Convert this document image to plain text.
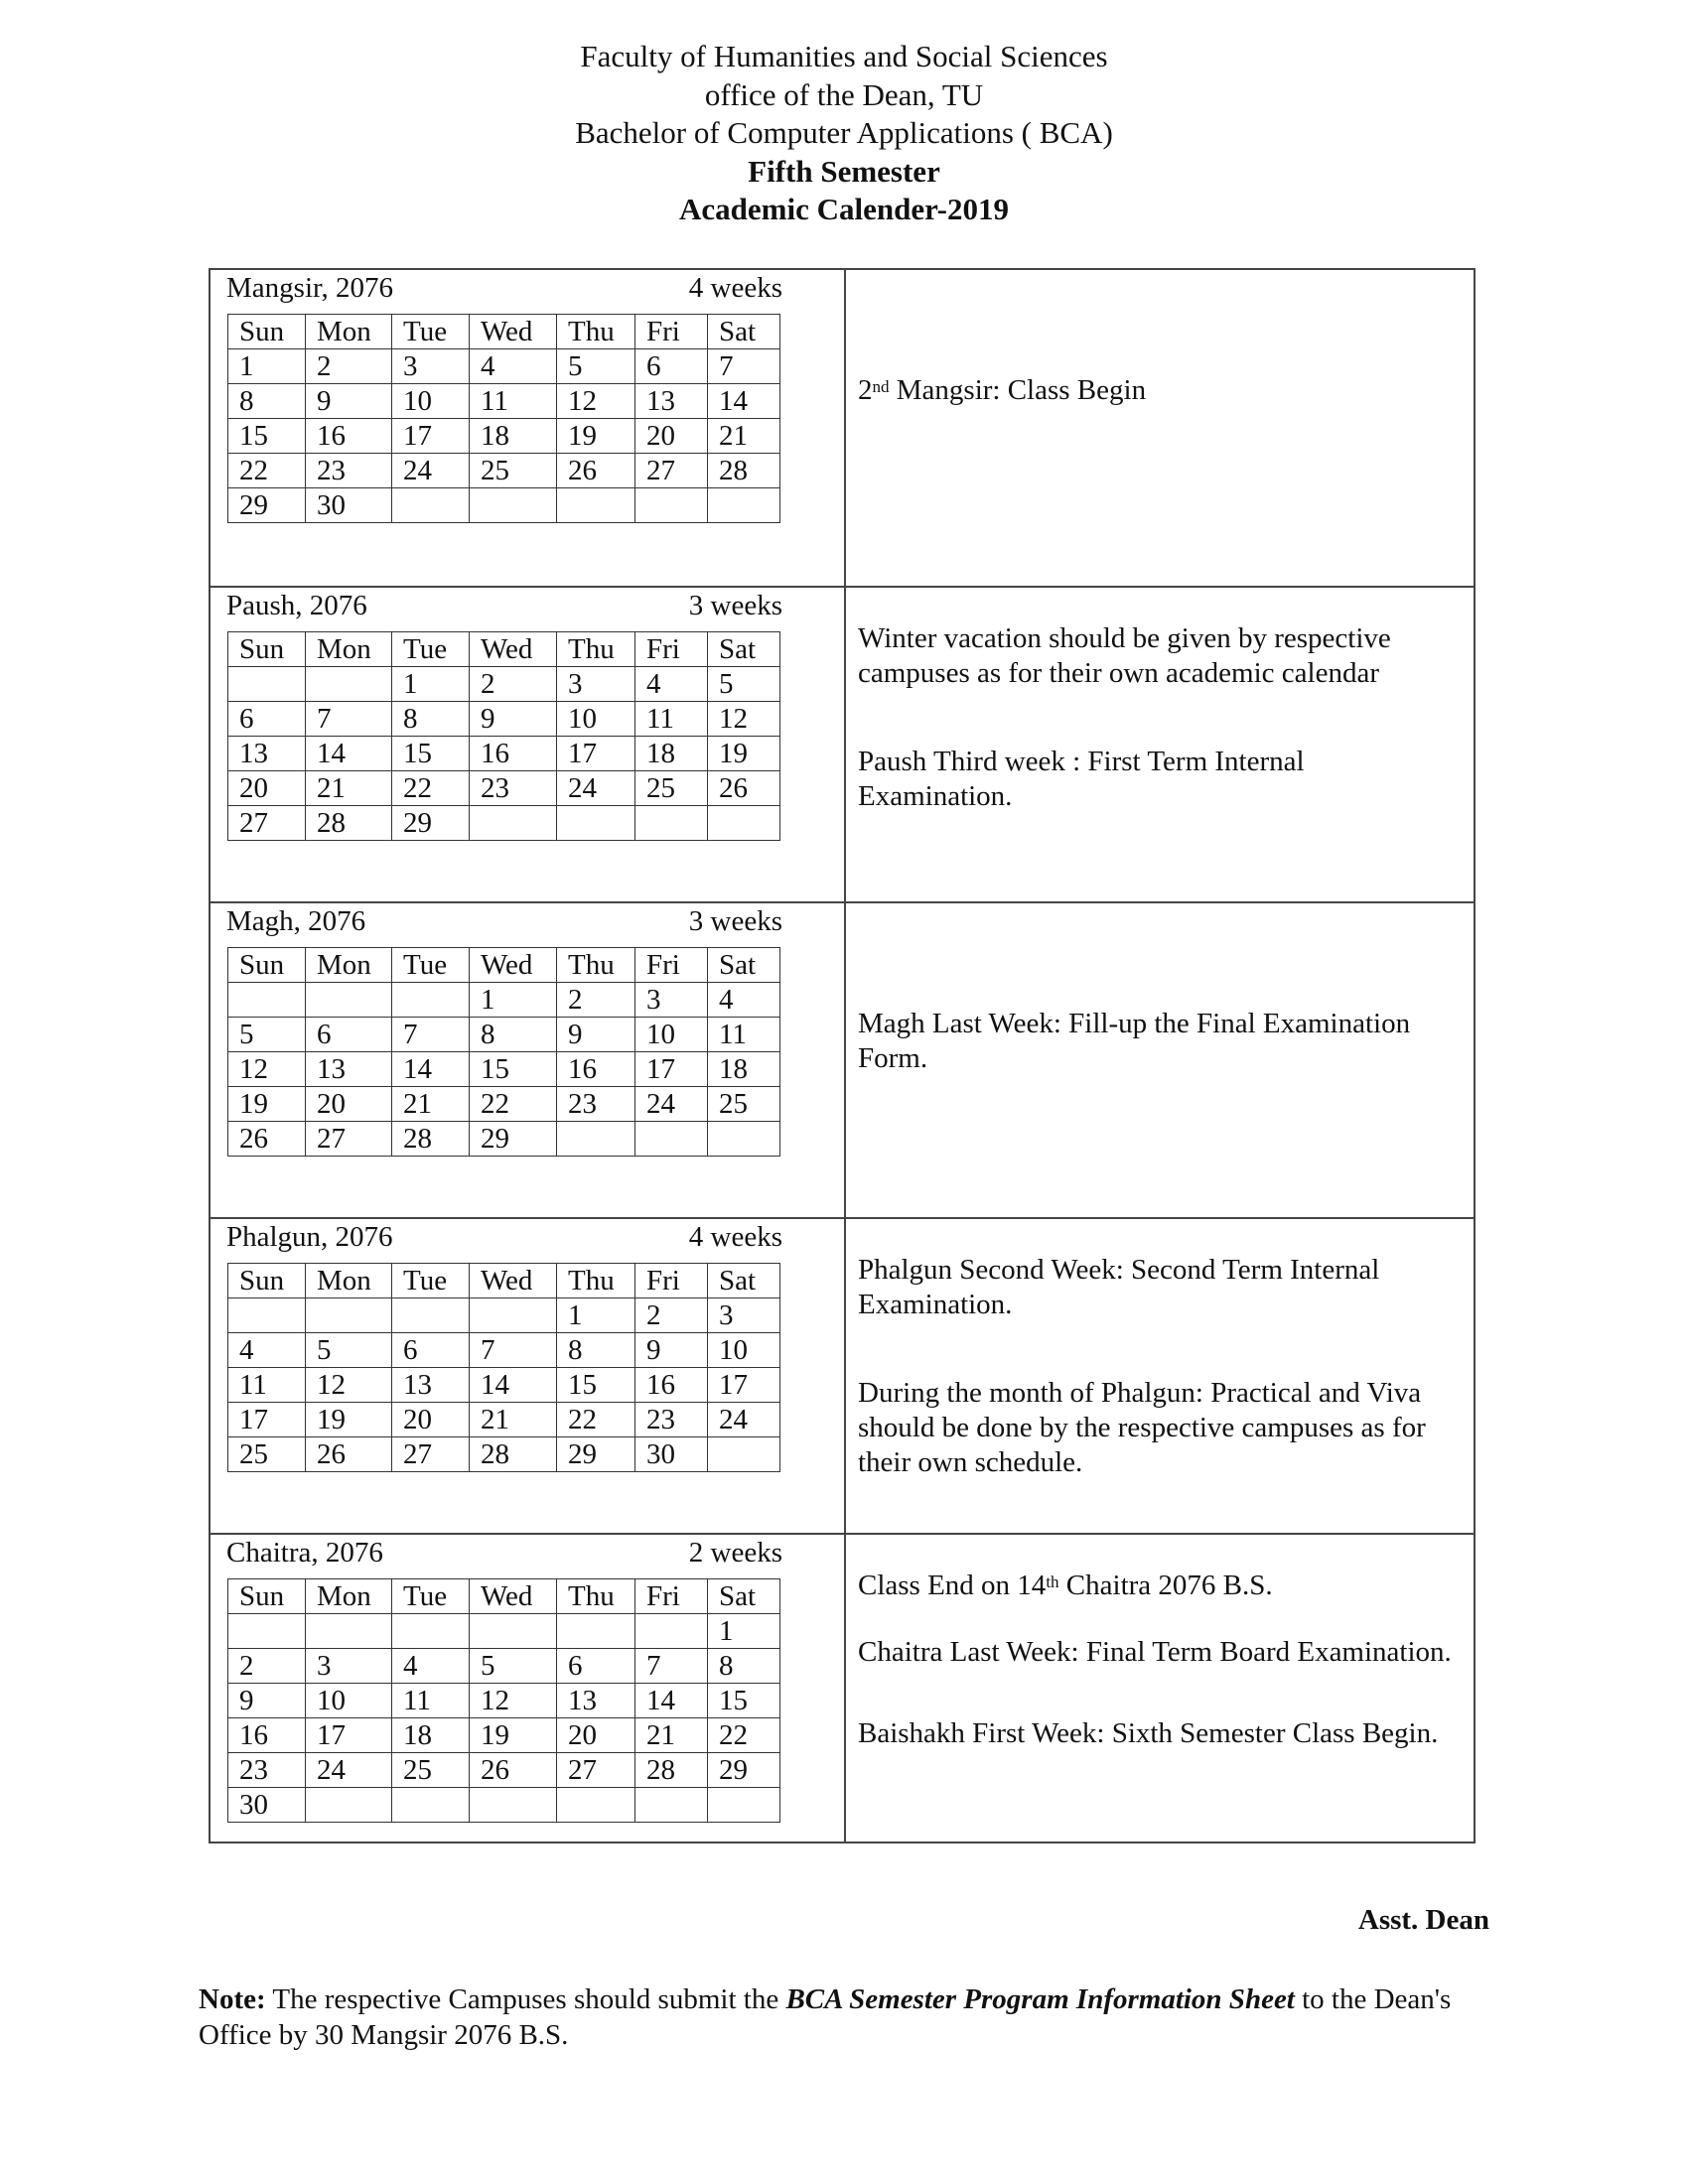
Faculty of Humanities and Social Sciences
office of the Dean, TU
Bachelor of Computer Applications ( BCA)
Fifth Semester
Academic Calender-2019
Mangsir, 2076	4 weeks
Sun	Mon	Tue	Wed	Thu	Fri	Sat
1	2	3	4	5	6	7
8	9	10	11	12	13	14
15	16	17	18	19	20	21
22	23	24	25	26	27	28
29	30					

2nd Mangsir: Class Begin

Paush, 2076	3 weeks
Sun	Mon	Tue	Wed	Thu	Fri	Sat
		1	2	3	4	5
6	7	8	9	10	11	12
13	14	15	16	17	18	19
20	21	22	23	24	25	26
27	28	29				

Winter vacation should be given by respective campuses as for their own academic calendar

Paush Third week : First Term Internal Examination.

Magh, 2076	3 weeks
Sun	Mon	Tue	Wed	Thu	Fri	Sat
			1	2	3	4
5	6	7	8	9	10	11
12	13	14	15	16	17	18
19	20	21	22	23	24	25
26	27	28	29			

Magh Last Week: Fill-up the Final Examination Form.

Phalgun, 2076	4 weeks
Sun	Mon	Tue	Wed	Thu	Fri	Sat
				1	2	3
4	5	6	7	8	9	10
11	12	13	14	15	16	17
17	19	20	21	22	23	24
25	26	27	28	29	30	

Phalgun Second Week: Second Term Internal Examination.

During the month of Phalgun: Practical and Viva should be done by the respective campuses as for their own schedule.

Chaitra, 2076	2 weeks
Sun	Mon	Tue	Wed	Thu	Fri	Sat
						1
2	3	4	5	6	7	8
9	10	11	12	13	14	15
16	17	18	19	20	21	22
23	24	25	26	27	28	29
30						

Class End on 14th Chaitra 2076 B.S.

Chaitra Last Week: Final Term Board Examination.

Baishakh First Week: Sixth Semester Class Begin.

Asst. Dean
Note: The respective Campuses should submit the BCA Semester Program Information Sheet to the Dean's Office by 30 Mangsir 2076 B.S.
